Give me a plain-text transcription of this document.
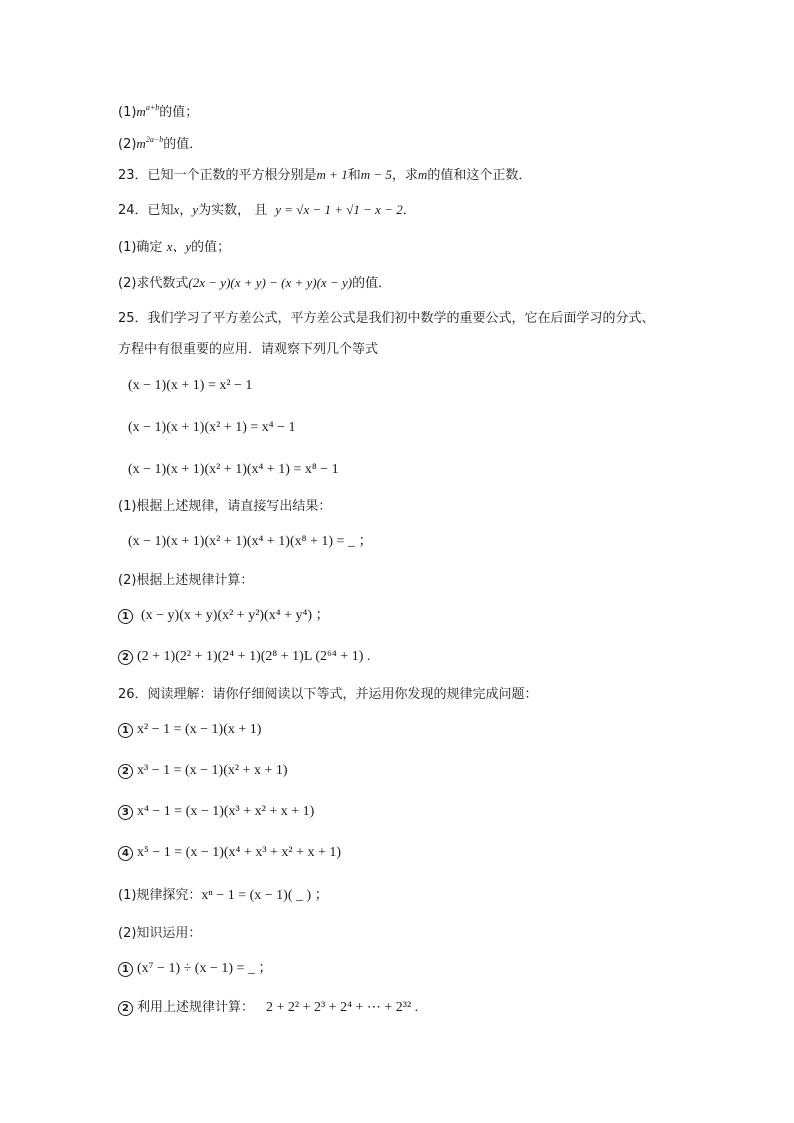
$(1)m^{a+b}$的值；
$(2)m^{2a-b}$的值．
23．已知一个正数的平方根分别是m + 1和m − 5，求m的值和这个正数．
24．已知x，y为实数， 且 y = √x − 1 + √1 − x − 2．
(1)确定 x、y的值；
(2)求代数式(2x − y)(x + y) − (x + y)(x − y)的值．
25．我们学习了平方差公式，平方差公式是我们初中数学的重要公式，它在后面学习的分式、
方程中有很重要的应用．请观察下列几个等式
(x − 1)(x + 1) = x² − 1
(x − 1)(x + 1)(x² + 1) = x⁴ − 1
(x − 1)(x + 1)(x² + 1)(x⁴ + 1) = x⁸ − 1
(1)根据上述规律，请直接写出结果：
(x − 1)(x + 1)(x² + 1)(x⁴ + 1)(x⁸ + 1) = _ ；
(2)根据上述规律计算：
1 (x − y)(x + y)(x² + y²)(x⁴ + y⁴) ；
2 (2 + 1)(2² + 1)(2⁴ + 1)(2⁸ + 1)L (2⁶⁴ + 1) .
26．阅读理解：请你仔细阅读以下等式，并运用你发现的规律完成问题：
1 x² − 1 = (x − 1)(x + 1)
2 x³ − 1 = (x − 1)(x² + x + 1)
3 x⁴ − 1 = (x − 1)(x³ + x² + x + 1)
4 x⁵ − 1 = (x − 1)(x⁴ + x³ + x² + x + 1)
(1)规律探究：xⁿ − 1 = (x − 1)( _ ) ；
(2)知识运用：
1 (x⁷ − 1) ÷ (x − 1) = _ ；
2 利用上述规律计算： 2 + 2² + 2³ + 2⁴ + ⋯ + 2³² .
